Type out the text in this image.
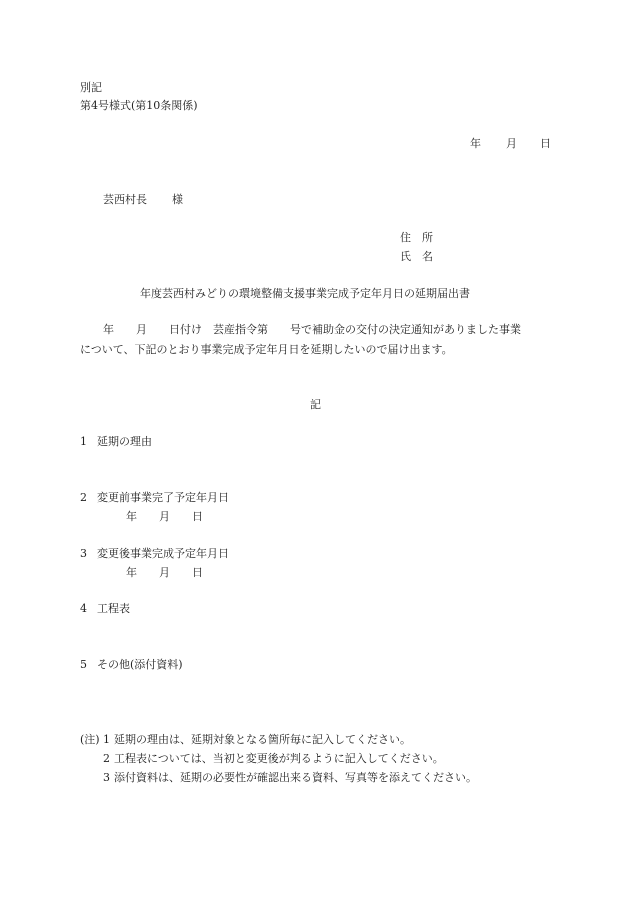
別記

第4号様式(第10条関係)

年 月 日
芸西村長 様
住　所
氏　名

年度芸西村みどりの環境整備支援事業完成予定年月日の延期届出書

年　　月　　日付け　芸産指令第　　号で補助金の交付の決定通知がありました事業

について、下記のとおり事業完成予定年月日を延期したいので届け出ます。

記

1 延期の理由
2 変更前事業完了予定年月日
年　　月　　日
3 変更後事業完成予定年月日
年　　月　　日
4 工程表
5 その他(添付資料)
(注) 1 延期の理由は、延期対象となる箇所毎に記入してください。
2 工程表については、当初と変更後が判るように記入してください。
3 添付資料は、延期の必要性が確認出来る資料、写真等を添えてください。
